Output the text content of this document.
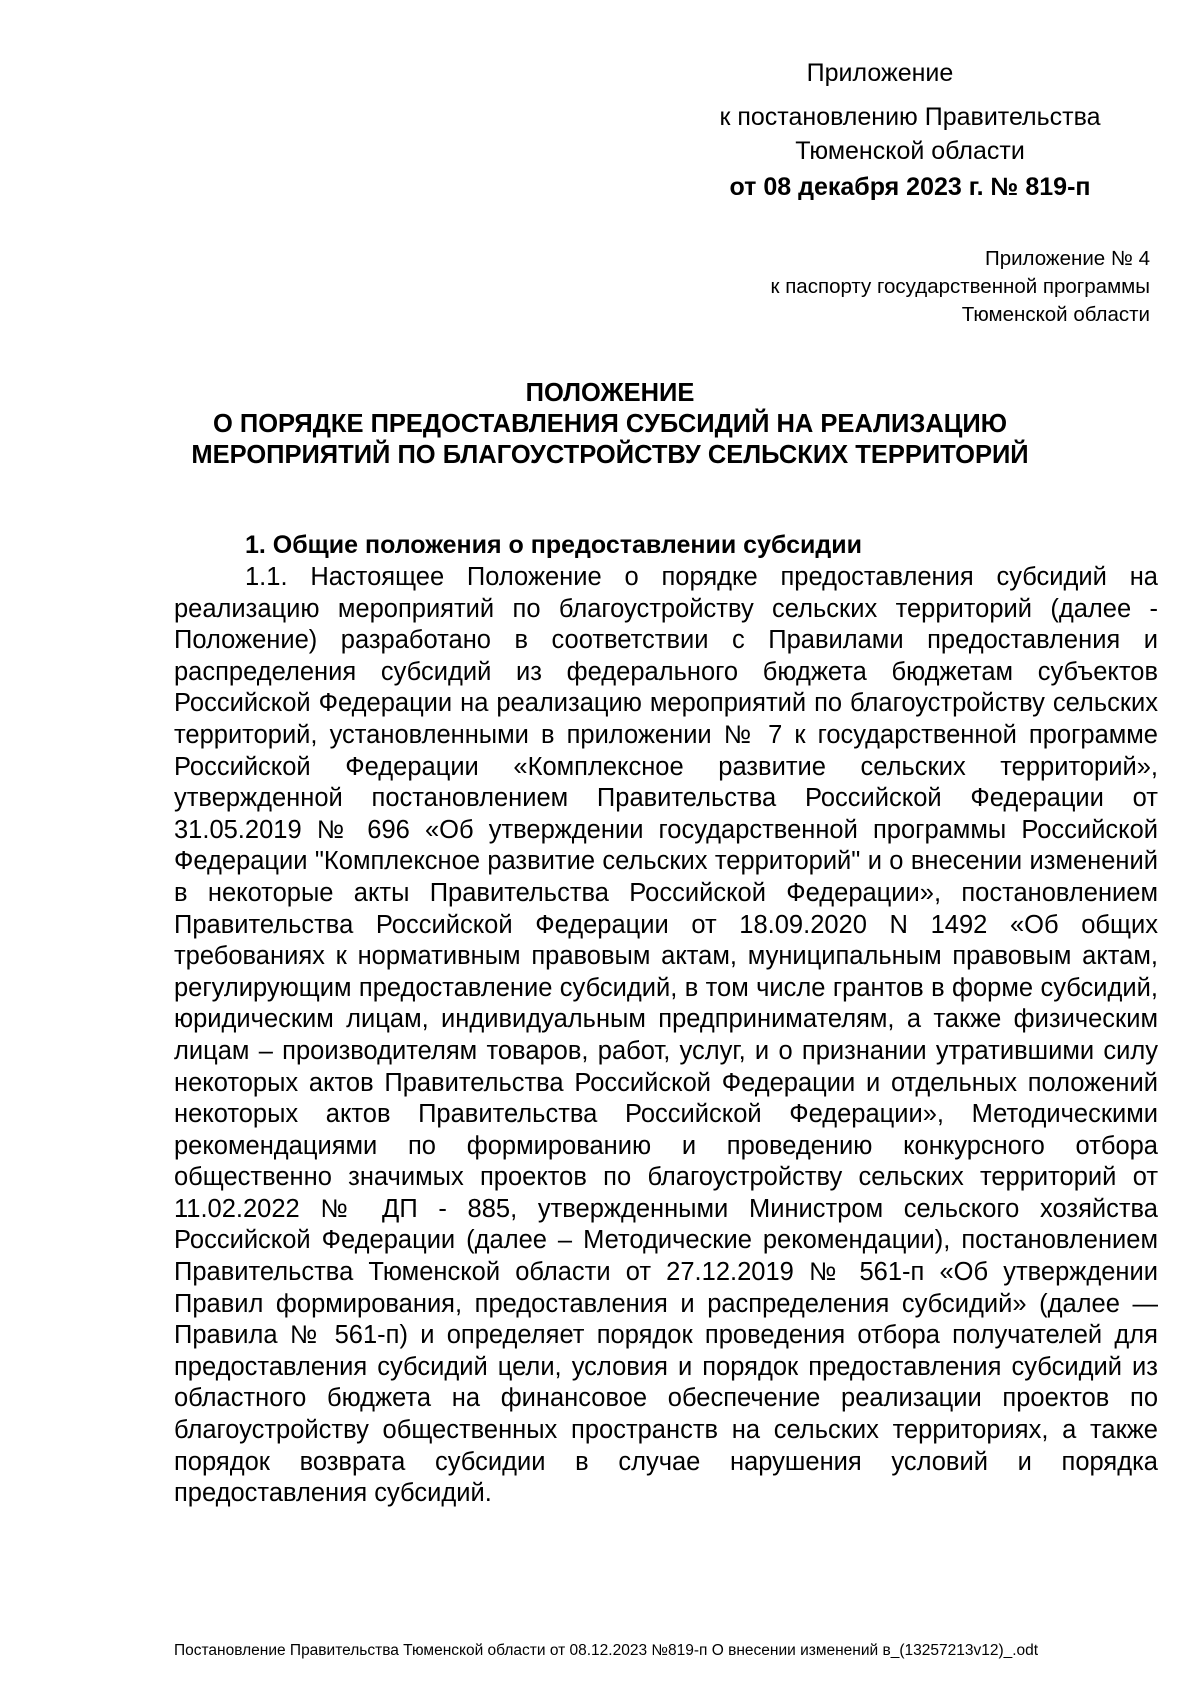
Приложение
к постановлению Правительства
Тюменской области
от 08 декабря 2023 г. № 819-п
Приложение № 4
к паспорту государственной программы
Тюменской области
ПОЛОЖЕНИЕ
О ПОРЯДКЕ ПРЕДОСТАВЛЕНИЯ СУБСИДИЙ НА РЕАЛИЗАЦИЮ
МЕРОПРИЯТИЙ ПО БЛАГОУСТРОЙСТВУ СЕЛЬСКИХ ТЕРРИТОРИЙ
1. Общие положения о предоставлении субсидии
1.1. Настоящее Положение о порядке предоставления субсидий на реализацию мероприятий по благоустройству сельских территорий (далее - Положение) разработано в соответствии с Правилами предоставления и распределения субсидий из федерального бюджета бюджетам субъектов Российской Федерации на реализацию мероприятий по благоустройству сельских территорий, установленными в приложении № 7 к государственной программе Российской Федерации «Комплексное развитие сельских территорий», утвержденной постановлением Правительства Российской Федерации от 31.05.2019 № 696 «Об утверждении государственной программы Российской Федерации "Комплексное развитие сельских территорий" и о внесении изменений в некоторые акты Правительства Российской Федерации», постановлением Правительства Российской Федерации от 18.09.2020 N 1492 «Об общих требованиях к нормативным правовым актам, муниципальным правовым актам, регулирующим предоставление субсидий, в том числе грантов в форме субсидий, юридическим лицам, индивидуальным предпринимателям, а также физическим лицам – производителям товаров, работ, услуг, и о признании утратившими силу некоторых актов Правительства Российской Федерации и отдельных положений некоторых актов Правительства Российской Федерации», Методическими рекомендациями по формированию и проведению конкурсного отбора общественно значимых проектов по благоустройству сельских территорий от 11.02.2022 № ДП - 885, утвержденными Министром сельского хозяйства Российской Федерации (далее – Методические рекомендации), постановлением Правительства Тюменской области от 27.12.2019 № 561-п «Об утверждении Правил формирования, предоставления и распределения субсидий» (далее — Правила № 561-п) и определяет порядок проведения отбора получателей для предоставления субсидий цели, условия и порядок предоставления субсидий из областного бюджета на финансовое обеспечение реализации проектов по благоустройству общественных пространств на сельских территориях, а также порядок возврата субсидии в случае нарушения условий и порядка предоставления субсидий.
Постановление Правительства Тюменской области от 08.12.2023 №819-п О внесении изменений в_(13257213v12)_.odt
